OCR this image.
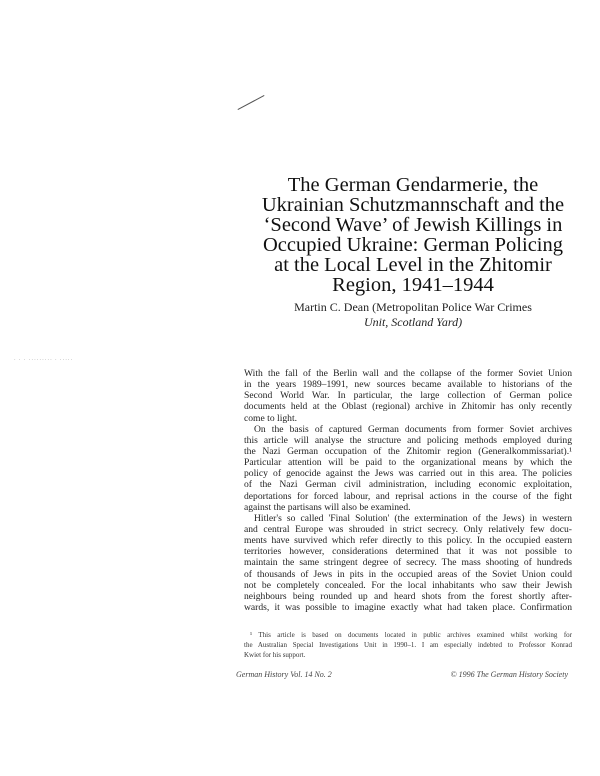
· · · ········· · ·····
The German Gendarmerie, the
Ukrainian Schutzmannschaft and the
‘Second Wave’ of Jewish Killings in
Occupied Ukraine: German Policing
at the Local Level in the Zhitomir
Region, 1941–1944
Martin C. Dean (Metropolitan Police War Crimes
Unit, Scotland Yard)
With the fall of the Berlin wall and the collapse of the former Soviet Union
in the years 1989–1991, new sources became available to historians of the
Second World War. In particular, the large collection of German police
documents held at the Oblast (regional) archive in Zhitomir has only recently
come to light.
On the basis of captured German documents from former Soviet archives
this article will analyse the structure and policing methods employed during
the Nazi German occupation of the Zhitomir region (Generalkommissariat).¹
Particular attention will be paid to the organizational means by which the
policy of genocide against the Jews was carried out in this area. The policies
of the Nazi German civil administration, including economic exploitation,
deportations for forced labour, and reprisal actions in the course of the fight
against the partisans will also be examined.
Hitler's so called 'Final Solution' (the extermination of the Jews) in western
and central Europe was shrouded in strict secrecy. Only relatively few docu-
ments have survived which refer directly to this policy. In the occupied eastern
territories however, considerations determined that it was not possible to
maintain the same stringent degree of secrecy. The mass shooting of hundreds
of thousands of Jews in pits in the occupied areas of the Soviet Union could
not be completely concealed. For the local inhabitants who saw their Jewish
neighbours being rounded up and heard shots from the forest shortly after-
wards, it was possible to imagine exactly what had taken place. Confirmation
¹ This article is based on documents located in public archives examined whilst working for
the Australian Special Investigations Unit in 1990–1. I am especially indebted to Professor Konrad
Kwiet for his support.
German History Vol. 14 No. 2	© 1996 The German History Society
